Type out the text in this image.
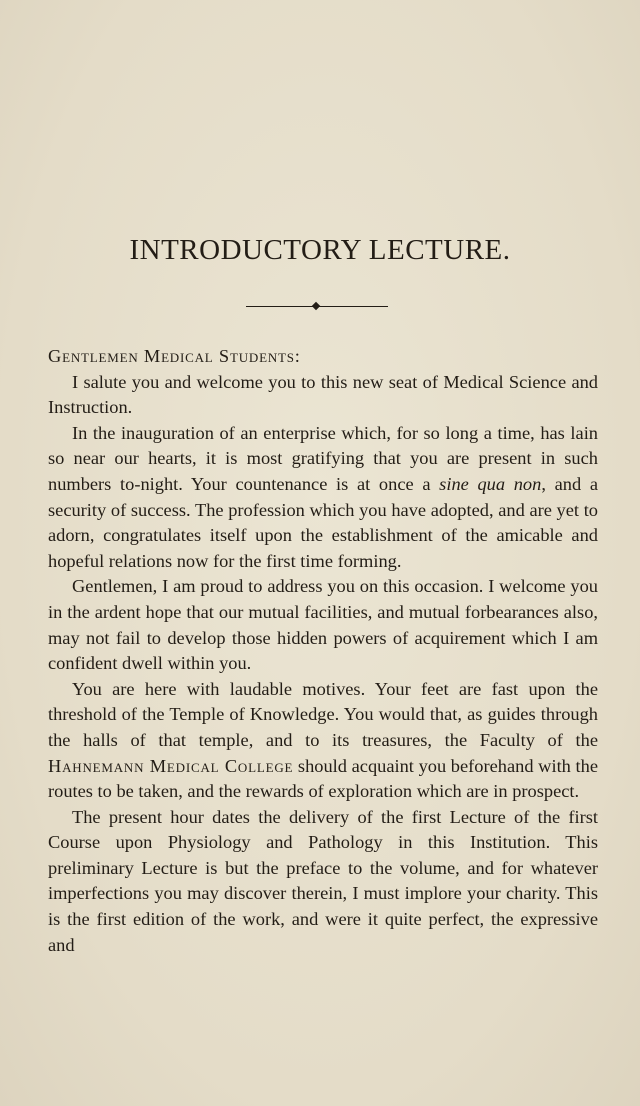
INTRODUCTORY LECTURE.
Gentlemen Medical Students:

I salute you and welcome you to this new seat of Medical Science and Instruction.

In the inauguration of an enterprise which, for so long a time, has lain so near our hearts, it is most gratifying that you are present in such numbers to-night. Your countenance is at once a sine qua non, and a security of success. The profession which you have adopted, and are yet to adorn, congratulates itself upon the establishment of the amicable and hopeful relations now for the first time forming.

Gentlemen, I am proud to address you on this occasion. I welcome you in the ardent hope that our mutual facilities, and mutual forbearances also, may not fail to develop those hidden powers of acquirement which I am confident dwell within you.

You are here with laudable motives. Your feet are fast upon the threshold of the Temple of Knowledge. You would that, as guides through the halls of that temple, and to its treasures, the Faculty of the Hahnemann Medical College should acquaint you beforehand with the routes to be taken, and the rewards of exploration which are in prospect.

The present hour dates the delivery of the first Lecture of the first Course upon Physiology and Pathology in this Institution. This preliminary Lecture is but the preface to the volume, and for whatever imperfections you may discover therein, I must implore your charity. This is the first edition of the work, and were it quite perfect, the expressive and
